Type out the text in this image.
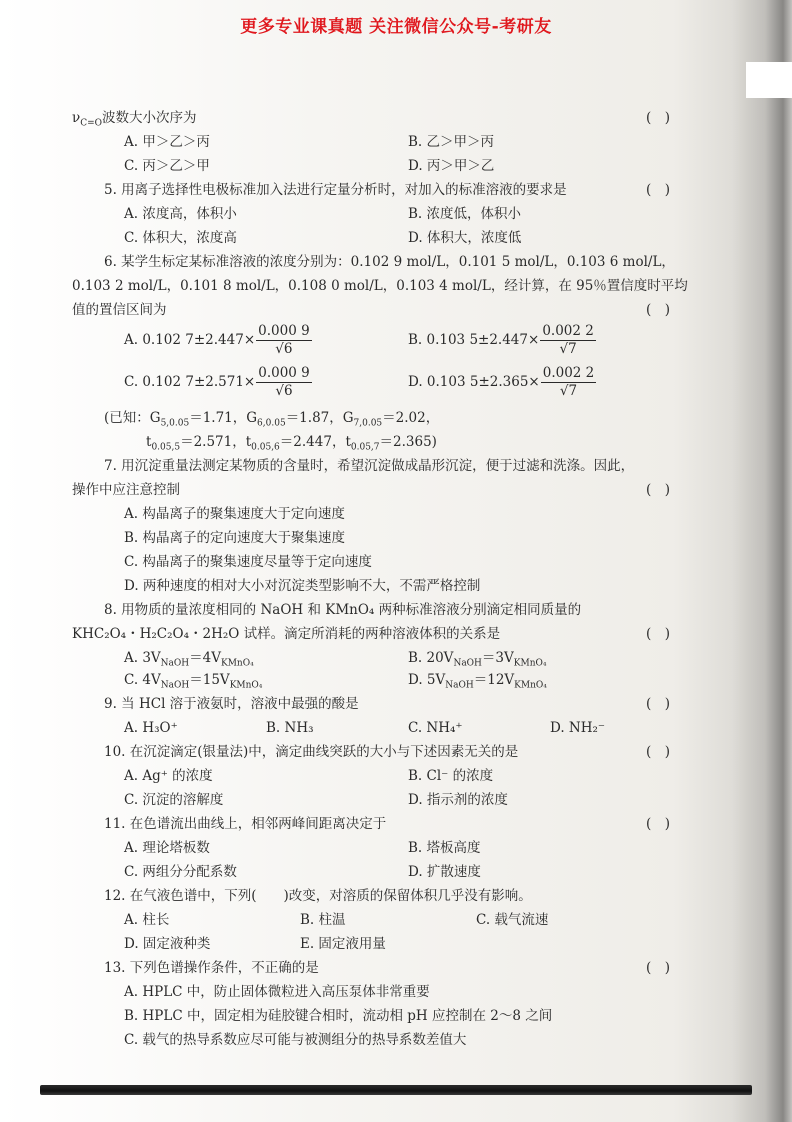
更多专业课真题 关注微信公众号-考研友
$\nu_{C=O}$波数大小次序为	(　)
A. 甲＞乙＞丙	B. 乙＞甲＞丙
C. 丙＞乙＞甲	D. 丙＞甲＞乙
5. 用离子选择性电极标准加入法进行定量分析时，对加入的标准溶液的要求是	(　)
A. 浓度高，体积小	B. 浓度低，体积小
C. 体积大，浓度高	D. 体积大，浓度低
6. 某学生标定某标准溶液的浓度分别为：0.102 9 mol/L，0.101 5 mol/L，0.103 6 mol/L，
0.103 2 mol/L，0.101 8 mol/L，0.108 0 mol/L，0.103 4 mol/L，经计算，在 95％置信度时平均
值的置信区间为	(　)
A. 0.102 $7\pm 2.447\times \frac{0.000 9}{√6}$	B. 0.103 $5\pm 2.447\times \frac{0.002 2}{√7}$
C. 0.102 $7\pm 2.571\times \frac{0.000 9}{√6}$	D. 0.103 $5\pm 2.365\times \frac{0.002 2}{√7}$
(已知：$G_{5,0.05}=1.71$，$G_{6,0.05}=1.87$，$G_{7,0.05}=2.02$，
$t_{0.05,5}=2.571$，$t_{0.05,6}=2.447$，$t_{0.05,7}=2.365$)
7. 用沉淀重量法测定某物质的含量时，希望沉淀做成晶形沉淀，便于过滤和洗涤。因此，
操作中应注意控制	(　)
A. 构晶离子的聚集速度大于定向速度
B. 构晶离子的定向速度大于聚集速度
C. 构晶离子的聚集速度尽量等于定向速度
D. 两种速度的相对大小对沉淀类型影响不大，不需严格控制
8. 用物质的量浓度相同的 NaOH 和 KMnO₄ 两种标准溶液分别滴定相同质量的
KHC₂O₄・H₂C₂O₄・2H₂O 试样。滴定所消耗的两种溶液体积的关系是	(　)
A. $3V_{NaOH}=4V_{KMnO_4}$	B. $20V_{NaOH}=3V_{KMnO_4}$
C. $4V_{NaOH}=15V_{KMnO_4}$	D. $5V_{NaOH}=12V_{KMnO_4}$
9. 当 HCl 溶于液氨时，溶液中最强的酸是	(　)
A. H₃O⁺	B. NH₃	C. NH₄⁺	D. NH₂⁻
10. 在沉淀滴定(银量法)中，滴定曲线突跃的大小与下述因素无关的是	(　)
A. Ag⁺ 的浓度	B. Cl⁻ 的浓度
C. 沉淀的溶解度	D. 指示剂的浓度
11. 在色谱流出曲线上，相邻两峰间距离决定于	(　)
A. 理论塔板数	B. 塔板高度
C. 两组分分配系数	D. 扩散速度
12. 在气液色谱中，下列(　　)改变，对溶质的保留体积几乎没有影响。
A. 柱长	B. 柱温	C. 载气流速
D. 固定液种类	E. 固定液用量
13. 下列色谱操作条件，不正确的是	(　)
A. HPLC 中，防止固体微粒进入高压泵体非常重要
B. HPLC 中，固定相为硅胶键合相时，流动相 pH 应控制在 2～8 之间
C. 载气的热导系数应尽可能与被测组分的热导系数差值大
